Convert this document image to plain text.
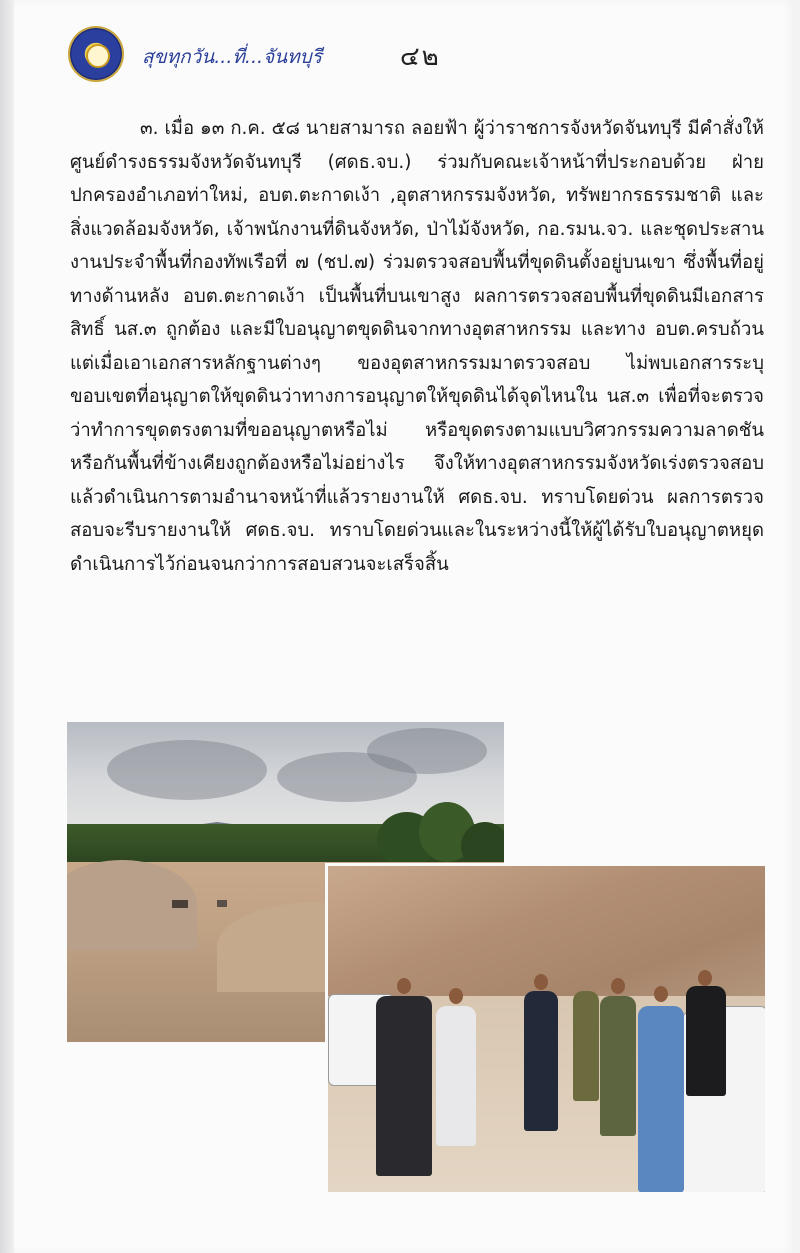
สุขทุกวัน...ที่...จันทบุรี	๔๒

๓. เมื่อ ๑๓ ก.ค. ๕๘ นายสามารถ ลอยฟ้า ผู้ว่าราชการจังหวัดจันทบุรี มีคำสั่งให้ศูนย์ดำรงธรรมจังหวัดจันทบุรี (ศดธ.จบ.) ร่วมกับคณะเจ้าหน้าที่ประกอบด้วย ฝ่ายปกครองอำเภอท่าใหม่, อบต.ตะกาดเง้า ,อุตสาหกรรมจังหวัด, ทรัพยากรธรรมชาติ และสิ่งแวดล้อมจังหวัด, เจ้าพนักงานที่ดินจังหวัด, ป่าไม้จังหวัด, กอ.รมน.จว. และชุดประสานงานประจำพื้นที่กองทัพเรือที่ ๗ (ชป.๗) ร่วมตรวจสอบพื้นที่ขุดดินตั้งอยู่บนเขา ซึ่งพื้นที่อยู่ทางด้านหลัง อบต.ตะกาดเง้า เป็นพื้นที่บนเขาสูง ผลการตรวจสอบพื้นที่ขุดดินมีเอกสารสิทธิ์ นส.๓ ถูกต้อง และมีใบอนุญาตขุดดินจากทางอุตสาหกรรม และทาง อบต.ครบถ้วน แต่เมื่อเอาเอกสารหลักฐานต่างๆ ของอุตสาหกรรมมาตรวจสอบ ไม่พบเอกสารระบุขอบเขตที่อนุญาตให้ขุดดินว่าทางการอนุญาตให้ขุดดินได้จุดไหนใน นส.๓ เพื่อที่จะตรวจว่าทำการขุดตรงตามที่ขออนุญาตหรือไม่ หรือขุดตรงตามแบบวิศวกรรมความลาดชันหรือกันพื้นที่ข้างเคียงถูกต้องหรือไม่อย่างไร จึงให้ทางอุตสาหกรรมจังหวัดเร่งตรวจสอบแล้วดำเนินการตามอำนาจหน้าที่แล้วรายงานให้ ศดธ.จบ. ทราบโดยด่วน ผลการตรวจสอบจะรีบรายงานให้ ศดธ.จบ. ทราบโดยด่วนและในระหว่างนี้ให้ผู้ได้รับใบอนุญาตหยุดดำเนินการไว้ก่อนจนกว่าการสอบสวนจะเสร็จสิ้น
